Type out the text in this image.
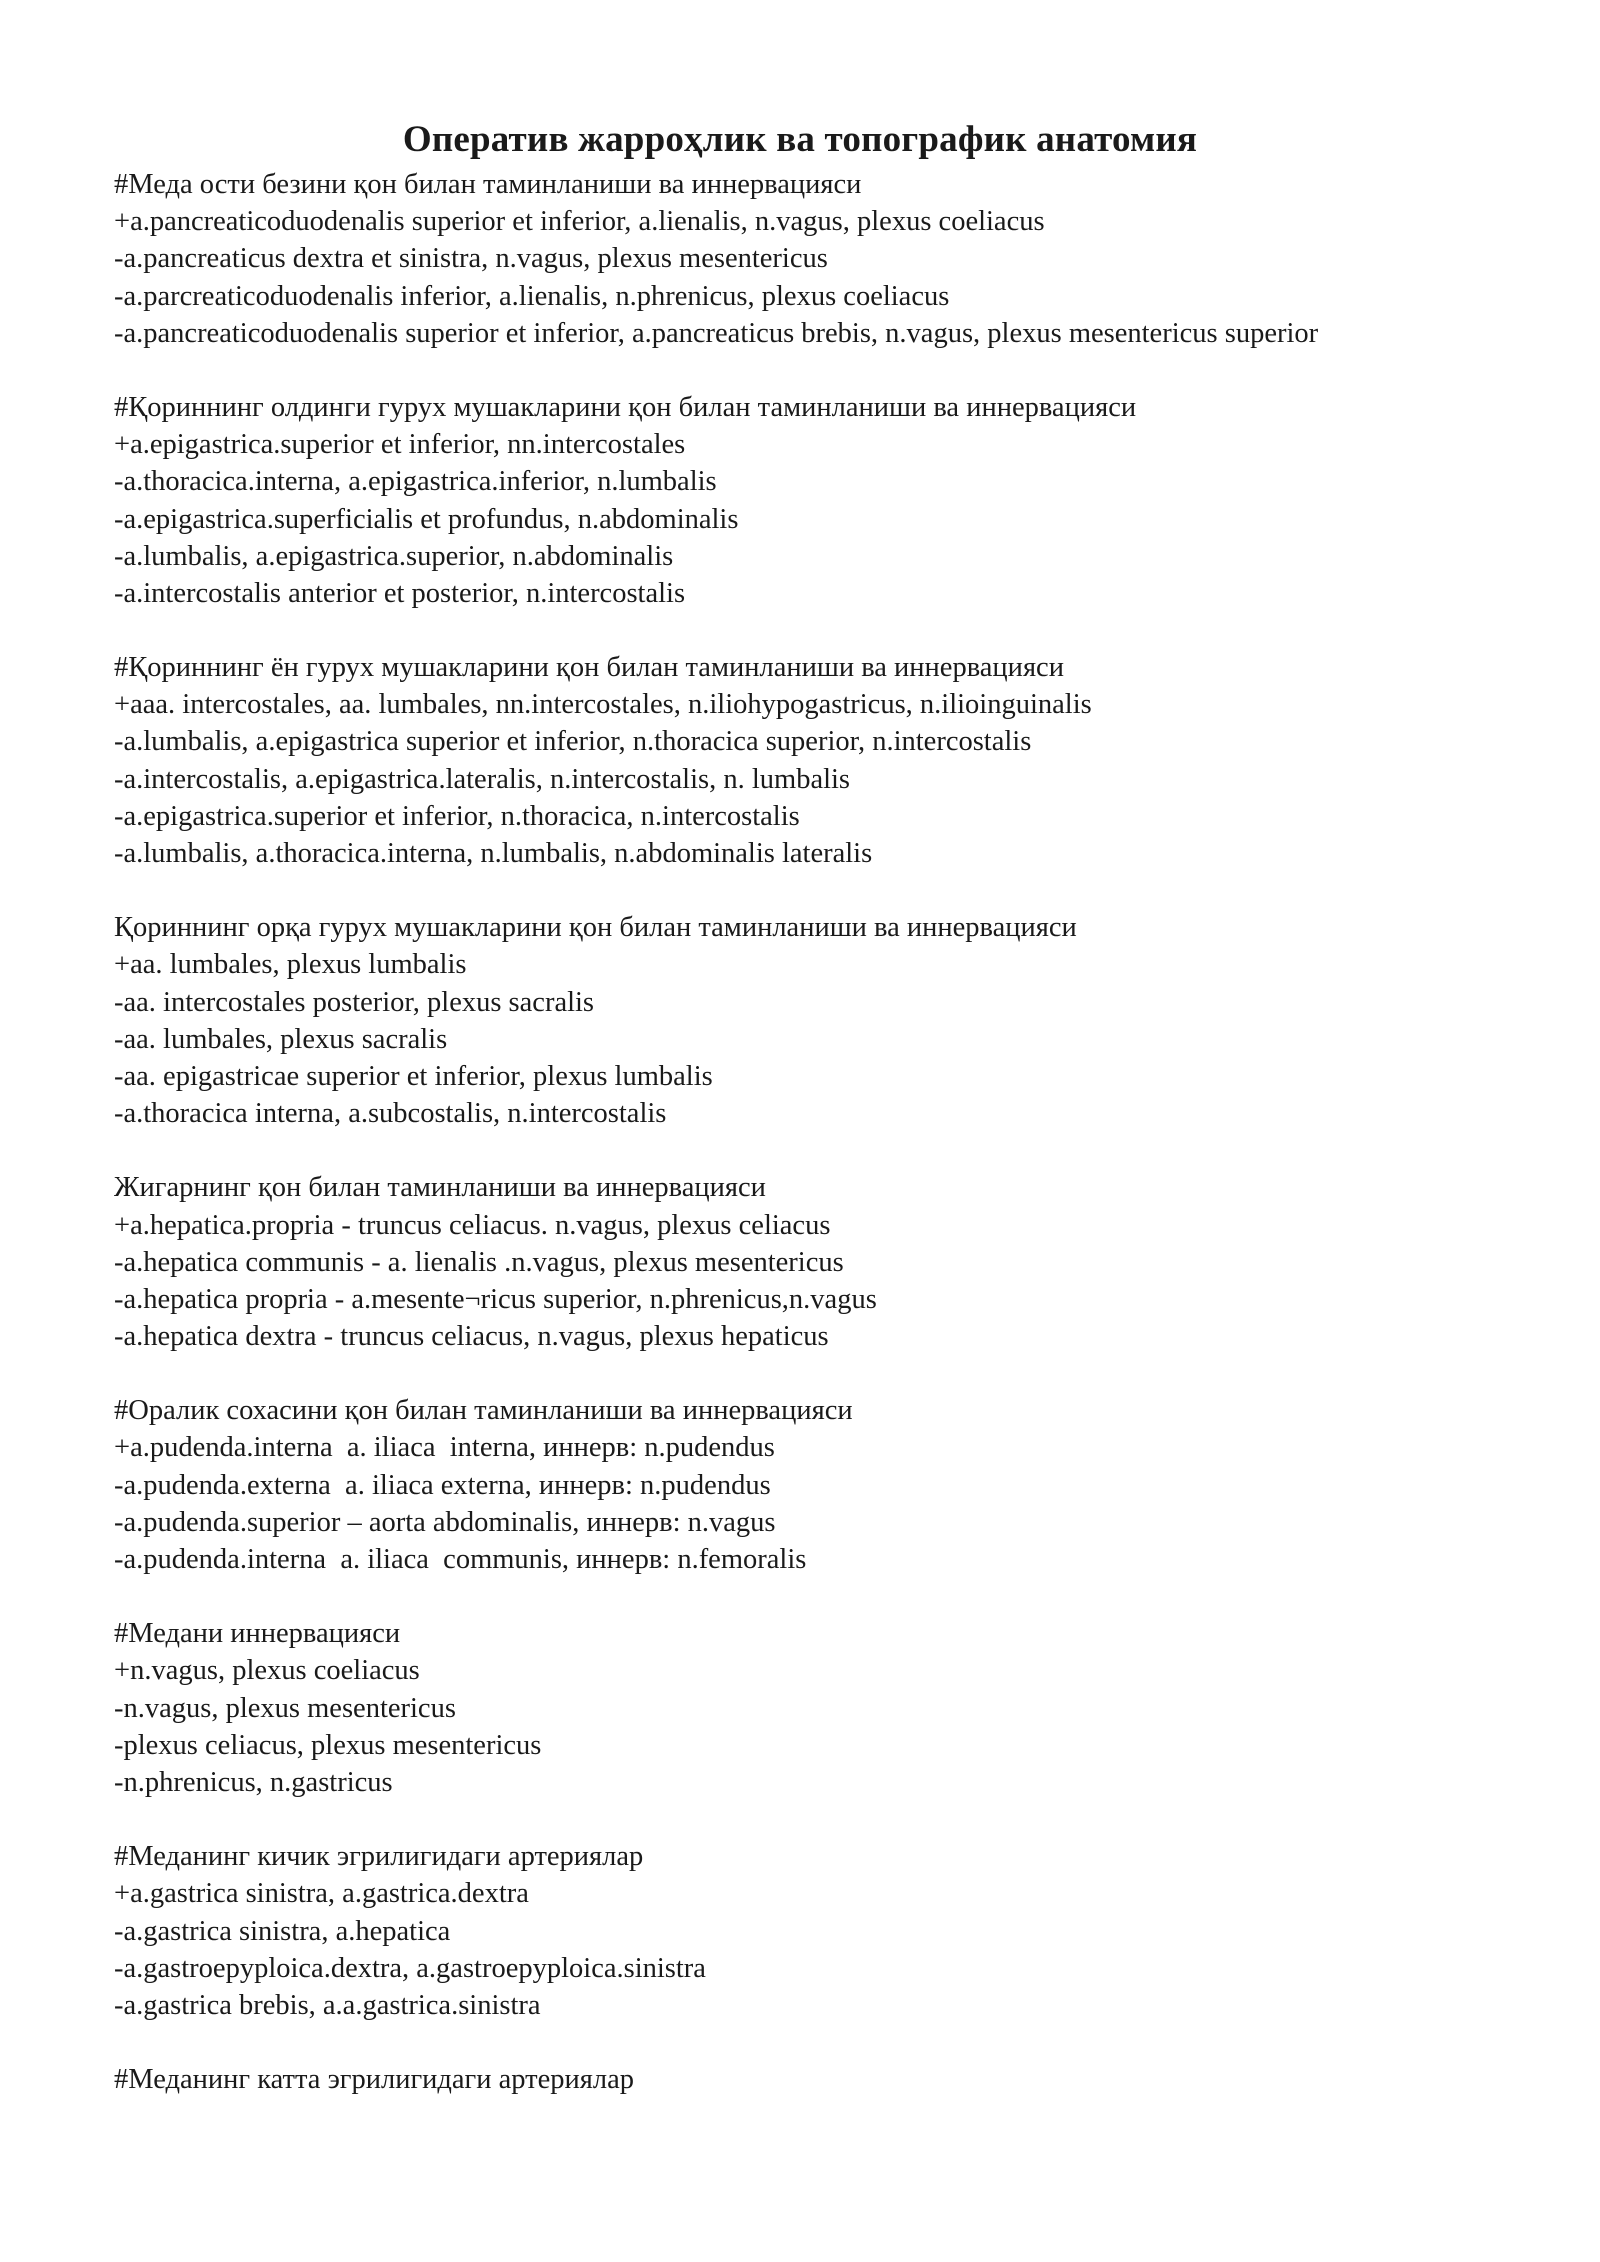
Оператив жарроҳлик ва топографик анатомия

#Меда ости безини қон билан таминланиши ва иннервацияси

+a.pancreaticoduodenalis superior et inferior, a.lienalis, n.vagus, plexus coeliacus

-a.pancreaticus dextra et sinistra, n.vagus, plexus mesentericus

-a.parcreaticoduodenalis inferior, a.lienalis, n.phrenicus, plexus coeliacus

-a.pancreaticoduodenalis superior et inferior, a.pancreaticus brebis, n.vagus, plexus mesentericus superior

#Қориннинг олдинги гурух мушакларини қон билан таминланиши ва иннервацияси

+a.epigastrica.superior et inferior, nn.intercostales

-a.thoracica.interna, a.epigastrica.inferior, n.lumbalis

-a.epigastrica.superficialis et profundus, n.abdominalis

-a.lumbalis, a.epigastrica.superior, n.abdominalis

-a.intercostalis anterior et posterior, n.intercostalis

#Қориннинг ён гурух мушакларини қон билан таминланиши ва иннервацияси

+aaa. intercostales, aa. lumbales, nn.intercostales, n.iliohypogastricus, n.ilioinguinalis

-a.lumbalis, a.epigastrica superior et inferior, n.thoracica superior, n.intercostalis

-a.intercostalis, a.epigastrica.lateralis, n.intercostalis, n. lumbalis

-a.epigastrica.superior et inferior, n.thoracica, n.intercostalis

-a.lumbalis, a.thoracica.interna, n.lumbalis, n.abdominalis lateralis

Қориннинг орқа гурух мушакларини қон билан таминланиши ва иннервацияси

+aa. lumbales, plexus lumbalis

-aa. intercostales posterior, plexus sacralis

-aa. lumbales, plexus sacralis

-aa. epigastricae superior et inferior, plexus lumbalis

-a.thoracica interna, a.subcostalis, n.intercostalis

Жигарнинг қон билан таминланиши ва иннервацияси

+a.hepatica.propria - truncus celiacus. n.vagus, plexus celiacus

-a.hepatica communis - a. lienalis .n.vagus, plexus mesentericus

-a.hepatica propria - a.mesente¬ricus superior, n.phrenicus,n.vagus

-a.hepatica dextra - truncus celiacus, n.vagus, plexus hepaticus

#Оралик сохасини қон билан таминланиши ва иннервацияси

+a.pudenda.interna  a. iliaca  interna, иннерв: n.pudendus

-a.pudenda.externa  a. iliaca externa, иннерв: n.pudendus

-a.pudenda.superior – aorta abdominalis, иннерв: n.vagus

-a.pudenda.interna  a. iliaca  communis, иннерв: n.femoralis

#Медани иннервацияси

+n.vagus, plexus coeliacus

-n.vagus, plexus mesentericus

-plexus celiacus, plexus mesentericus

-n.phrenicus, n.gastricus

#Меданинг кичик эгрилигидаги артериялар

+a.gastrica sinistra, a.gastrica.dextra

-a.gastrica sinistra, a.hepatica

-a.gastroepyploica.dextra, a.gastroepyploica.sinistra

-a.gastrica brebis, a.a.gastrica.sinistra

#Меданинг катта эгрилигидаги артериялар
